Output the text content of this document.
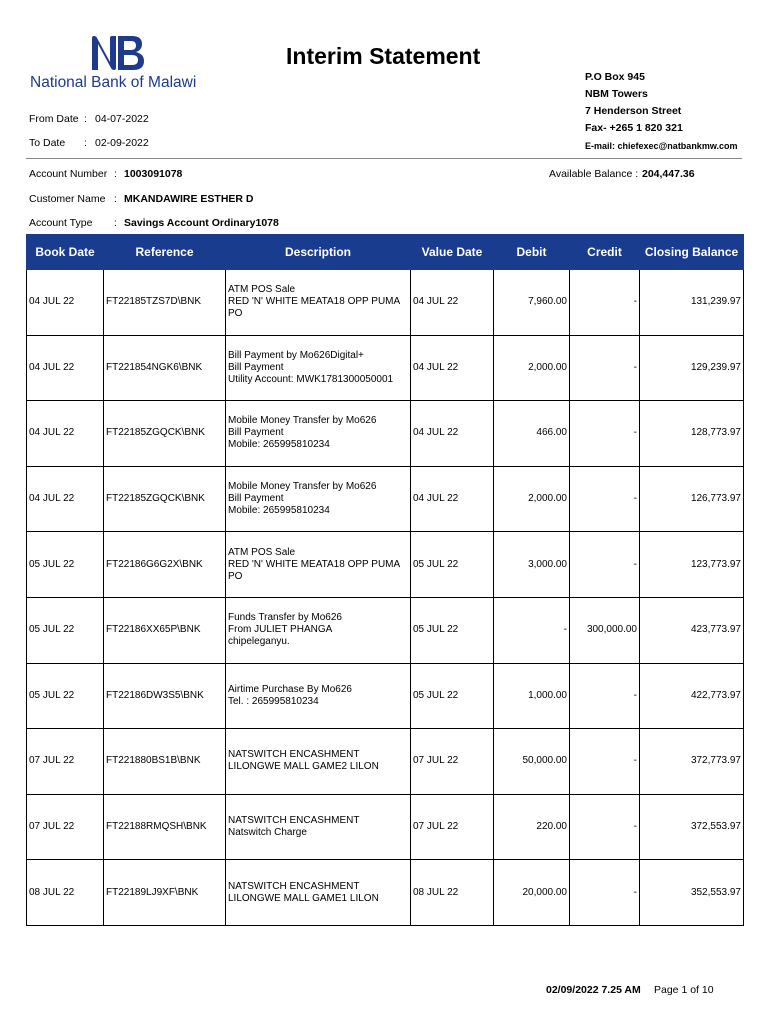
National Bank of Malawi
Interim Statement
P.O Box 945
NBM Towers
7 Henderson Street
Fax- +265 1 820 321
E-mail: chiefexec@natbankmw.com
From Date : 04-07-2022
To Date : 02-09-2022
Account Number : 1003091078	Available Balance : 204,447.36
Customer Name : MKANDAWIRE ESTHER D
Account Type : Savings Account Ordinary1078
Book Date	Reference	Description	Value Date	Debit	Credit	Closing Balance
04 JUL 22	FT22185TZS7D\BNK	ATM POS Sale
RED 'N' WHITE MEATA18 OPP PUMA
PO	04 JUL 22	7,960.00	-	131,239.97
04 JUL 22	FT221854NGK6\BNK	Bill Payment by Mo626Digital+
Bill Payment
Utility Account: MWK1781300050001	04 JUL 22	2,000.00	-	129,239.97
04 JUL 22	FT22185ZGQCK\BNK	Mobile Money Transfer by Mo626
Bill Payment
Mobile: 265995810234	04 JUL 22	466.00	-	128,773.97
04 JUL 22	FT22185ZGQCK\BNK	Mobile Money Transfer by Mo626
Bill Payment
Mobile: 265995810234	04 JUL 22	2,000.00	-	126,773.97
05 JUL 22	FT22186G6G2X\BNK	ATM POS Sale
RED 'N' WHITE MEATA18 OPP PUMA
PO	05 JUL 22	3,000.00	-	123,773.97
05 JUL 22	FT22186XX65P\BNK	Funds Transfer by Mo626
From JULIET PHANGA
chipeleganyu.	05 JUL 22	-	300,000.00	423,773.97
05 JUL 22	FT22186DW3S5\BNK	Airtime Purchase By Mo626
Tel. : 265995810234	05 JUL 22	1,000.00	-	422,773.97
07 JUL 22	FT221880BS1B\BNK	NATSWITCH ENCASHMENT
LILONGWE MALL GAME2 LILON	07 JUL 22	50,000.00	-	372,773.97
07 JUL 22	FT22188RMQSH\BNK	NATSWITCH ENCASHMENT
Natswitch Charge	07 JUL 22	220.00	-	372,553.97
08 JUL 22	FT22189LJ9XF\BNK	NATSWITCH ENCASHMENT
LILONGWE MALL GAME1 LILON	08 JUL 22	20,000.00	-	352,553.97
02/09/2022 7.25 AM Page 1 of 10
